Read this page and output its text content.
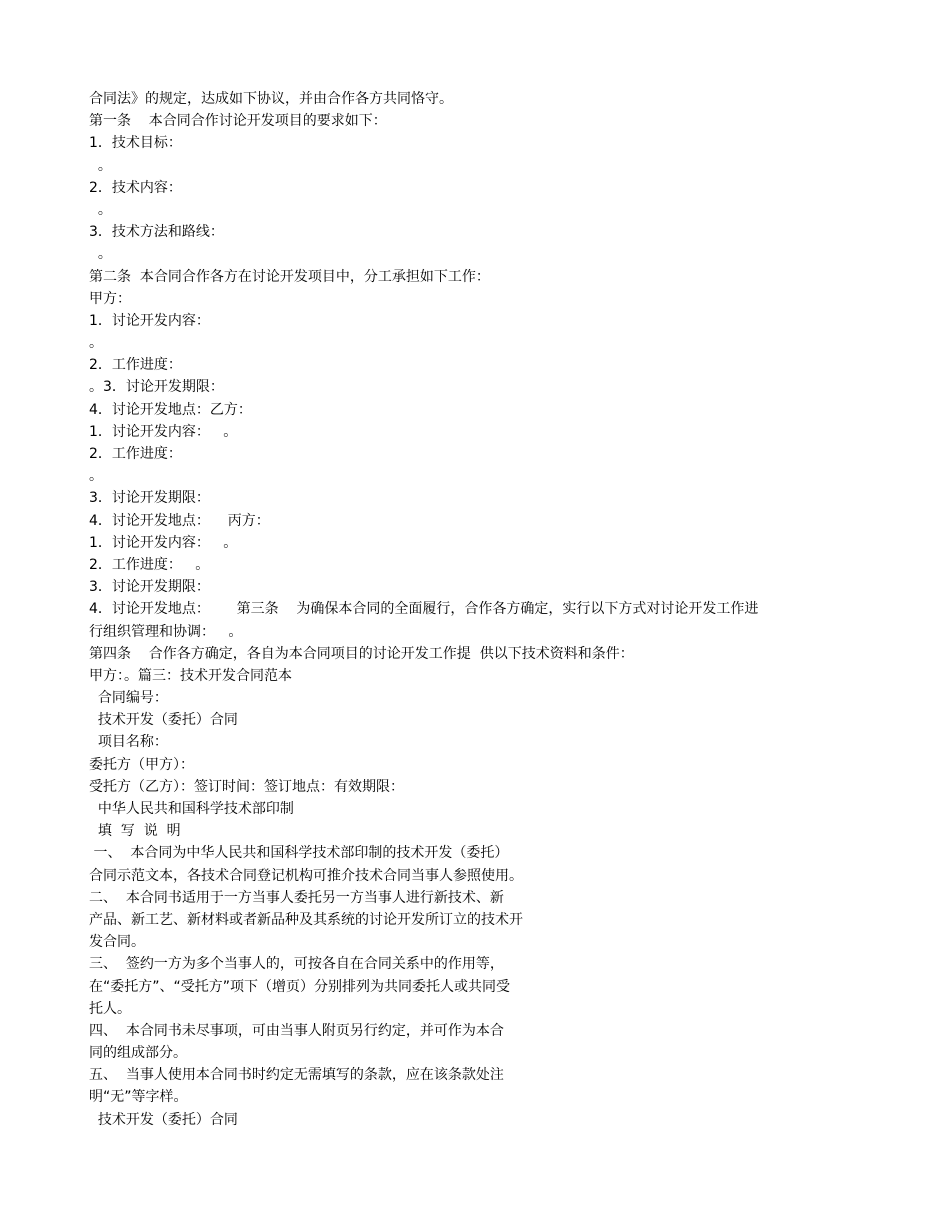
合同法》的规定，达成如下协议，并由合作各方共同恪守。
第一条    本合同合作讨论开发项目的要求如下：
1．技术目标：
。
2．技术内容：
。
3．技术方法和路线：
。
第二条  本合同合作各方在讨论开发项目中，分工承担如下工作：
甲方：
1．讨论开发内容：
。
2．工作进度：
。3．讨论开发期限：
4．讨论开发地点：乙方：
1．讨论开发内容：   。
2．工作进度：
。
3．讨论开发期限：
4．讨论开发地点：    丙方：
1．讨论开发内容：   。
2．工作进度：   。
3．讨论开发期限：
4．讨论开发地点：      第三条    为确保本合同的全面履行，合作各方确定，实行以下方式对讨论开发工作进
行组织管理和协调：   。
第四条    合作各方确定，各自为本合同项目的讨论开发工作提  供以下技术资料和条件：
甲方：。篇三：技术开发合同范本
合同编号：
技术开发（委托）合同
项目名称：
委托方（甲方）：
受托方（乙方）：签订时间：签订地点：有效期限：
中华人民共和国科学技术部印制
填  写  说  明
一、  本合同为中华人民共和国科学技术部印制的技术开发（委托）
合同示范文本，各技术合同登记机构可推介技术合同当事人参照使用。
二、  本合同书适用于一方当事人委托另一方当事人进行新技术、新
产品、新工艺、新材料或者新品种及其系统的讨论开发所订立的技术开
发合同。
三、  签约一方为多个当事人的，可按各自在合同关系中的作用等，
在“委托方”、“受托方”项下（增页）分别排列为共同委托人或共同受
托人。
四、  本合同书未尽事项，可由当事人附页另行约定，并可作为本合
同的组成部分。
五、  当事人使用本合同书时约定无需填写的条款，应在该条款处注
明“无”等字样。
技术开发（委托）合同
